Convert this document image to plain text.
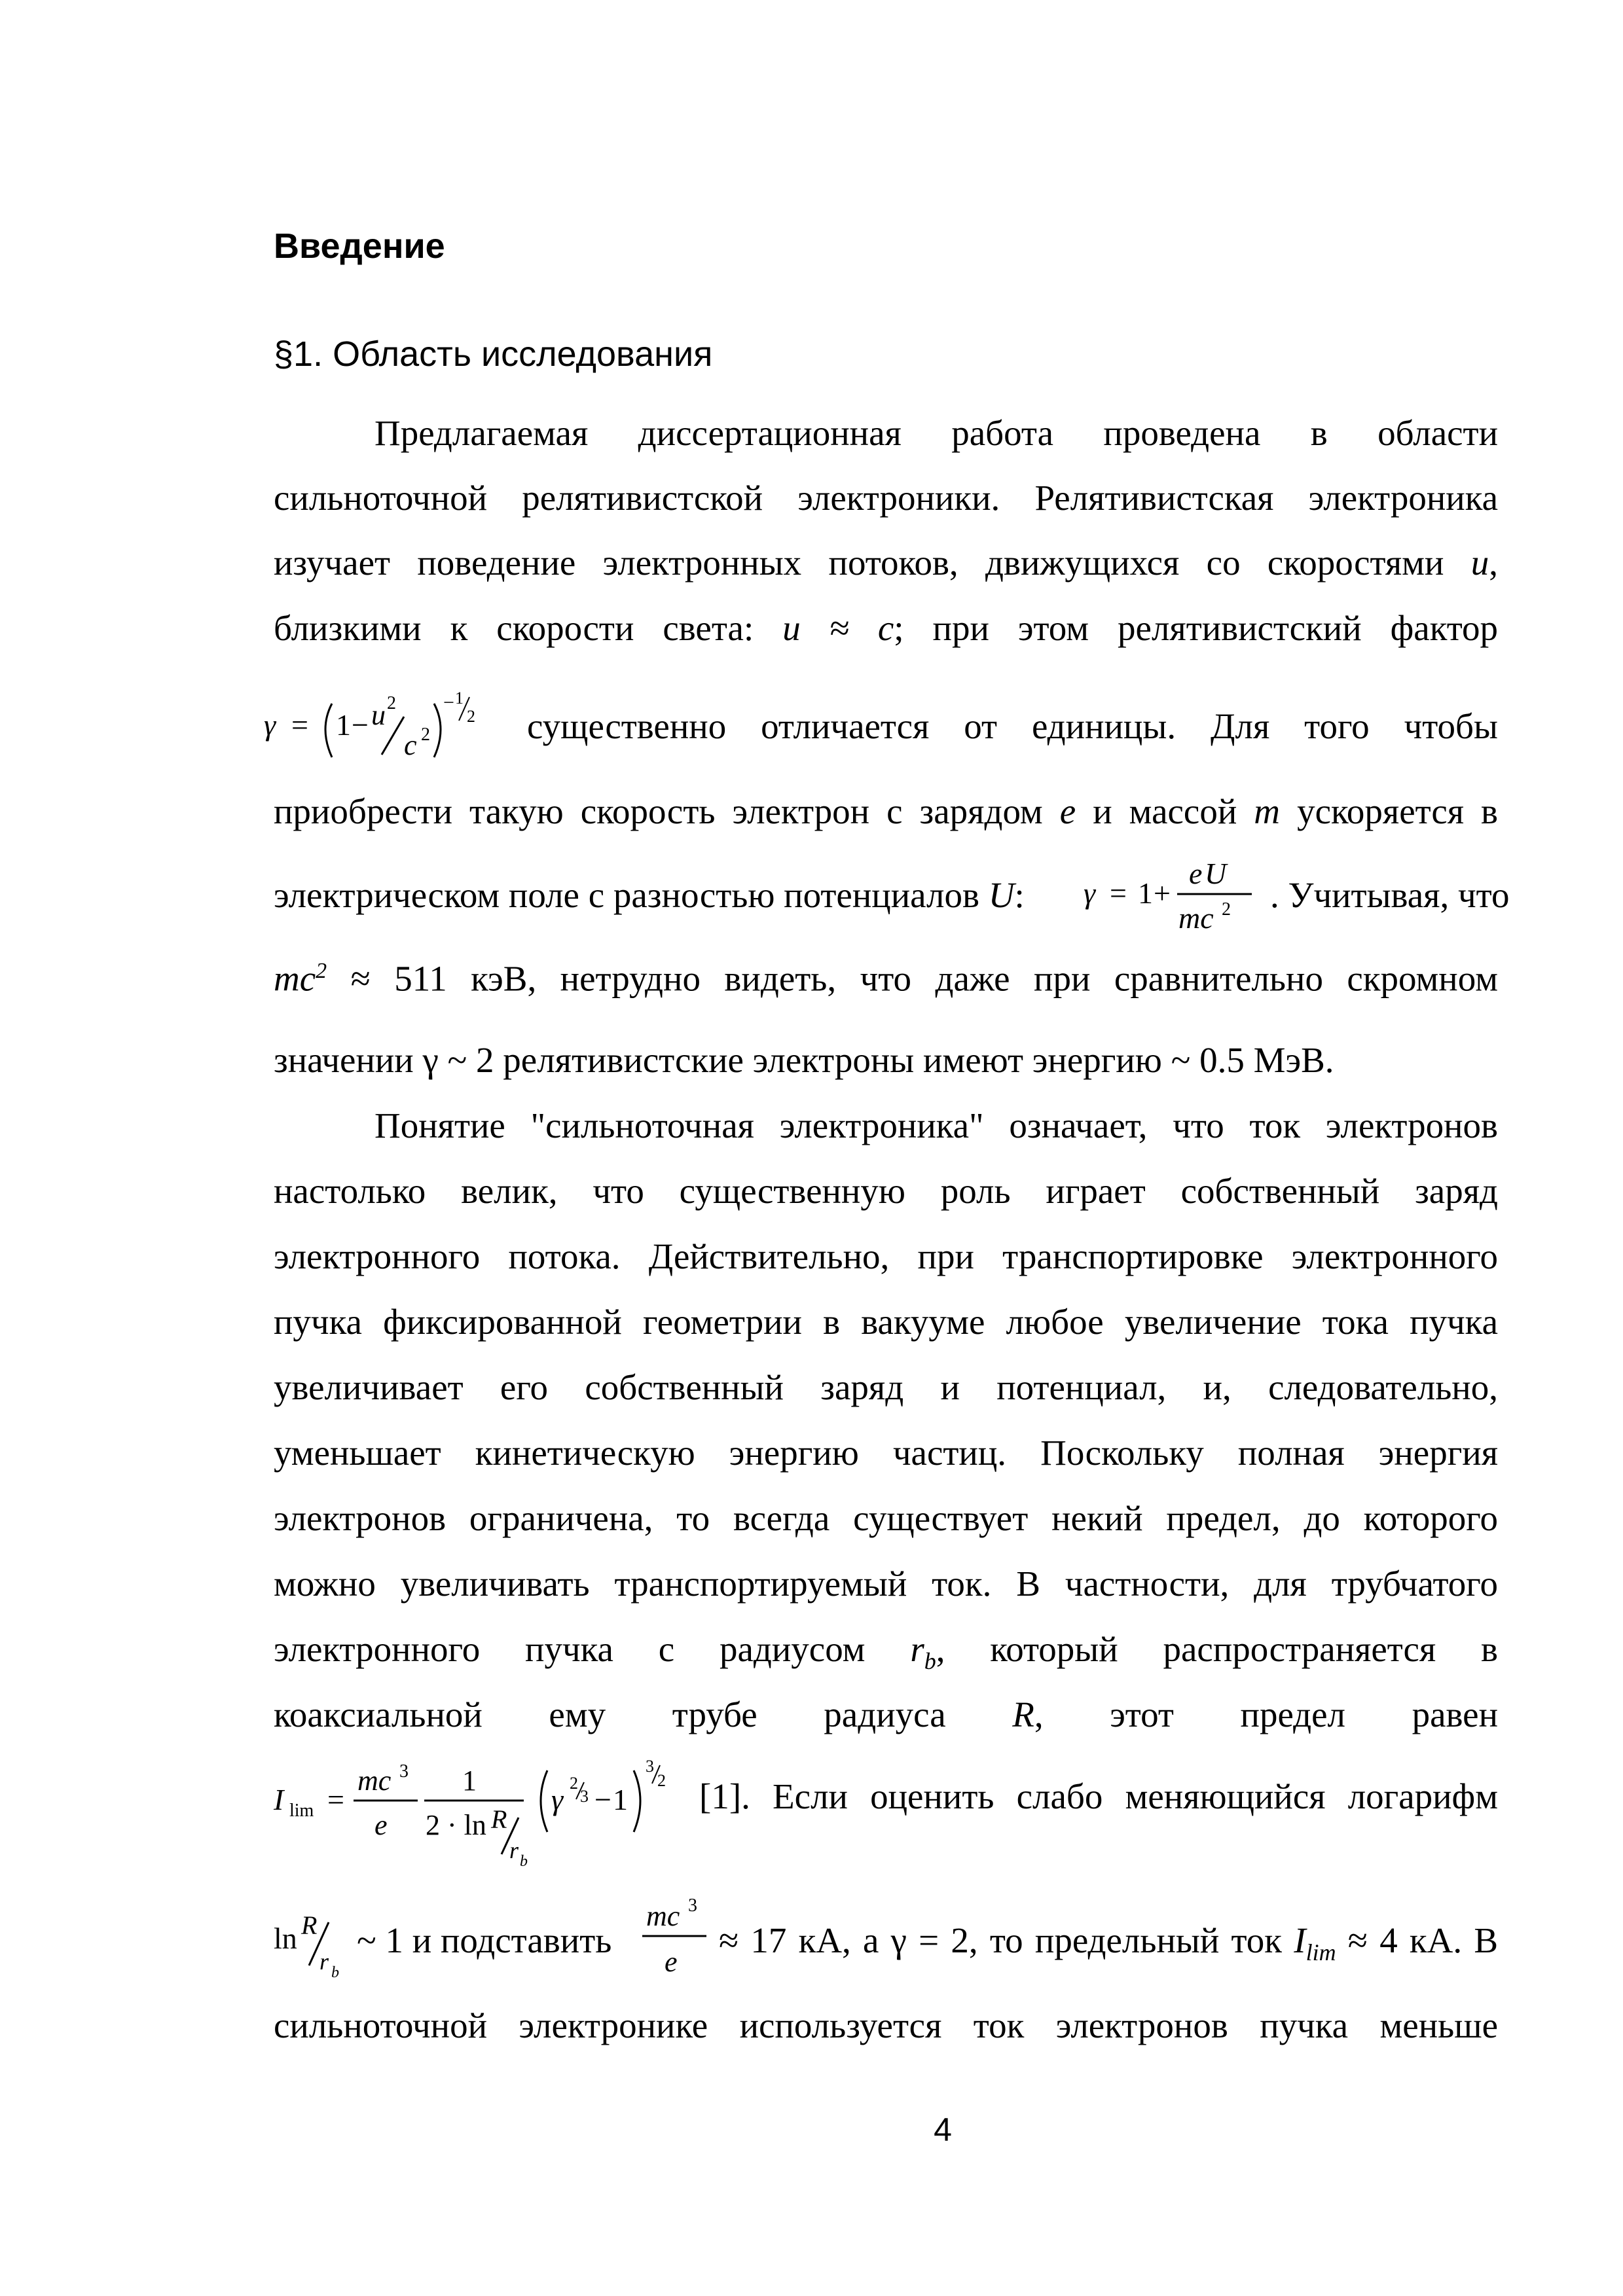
Введение
§1. Область исследования
Предлагаемая диссертационная работа проведена в области
сильноточной релятивистской электроники. Релятивистская электроника
изучает поведение электронных потоков, движущихся со скоростями u,
близкими к скорости света: u ≈ c; при этом релятивистский фактор
γ = 1 − u 2
c 2
− 1
2 существенно отличается от единицы. Для того чтобы
приобрести такую скорость электрон с зарядом e и массой m ускоряется в
электрическом поле с разностью потенциалов U:	γ = 1 +
e U
mc 2 . Учитывая, что
$mc^2 \approx 511$ кэВ, нетрудно видеть, что даже при сравнительно скромном
значении γ ~ 2 релятивистские электроны имеют энергию ~ 0.5 МэВ.
Понятие "сильноточная электроника" означает, что ток электронов
настолько велик, что существенную роль играет собственный заряд
электронного потока. Действительно, при транспортировке электронного
пучка фиксированной геометрии в вакууме любое увеличение тока пучка
увеличивает его собственный заряд и потенциал, и, следовательно,
уменьшает кинетическую энергию частиц. Поскольку полная энергия
электронов ограничена, то всегда существует некий предел, до которого
можно увеличивать транспортируемый ток. В частности, для трубчатого
электронного пучка с радиусом $r_b$, который распространяется в
коаксиальной ему трубе радиуса R, этот предел равен
I lim =
mc 3
e
1
2 · ln R
r b
γ 2
3 − 1
3
2 [1]. Если оценить слабо меняющийся логарифм
ln R
r b
~ 1 и подставить
mc 3
e
≈ 17 кА, а γ = 2, то предельный ток $I_{lim} \approx 4$ кА. В
сильноточной электронике используется ток электронов пучка меньше
4
